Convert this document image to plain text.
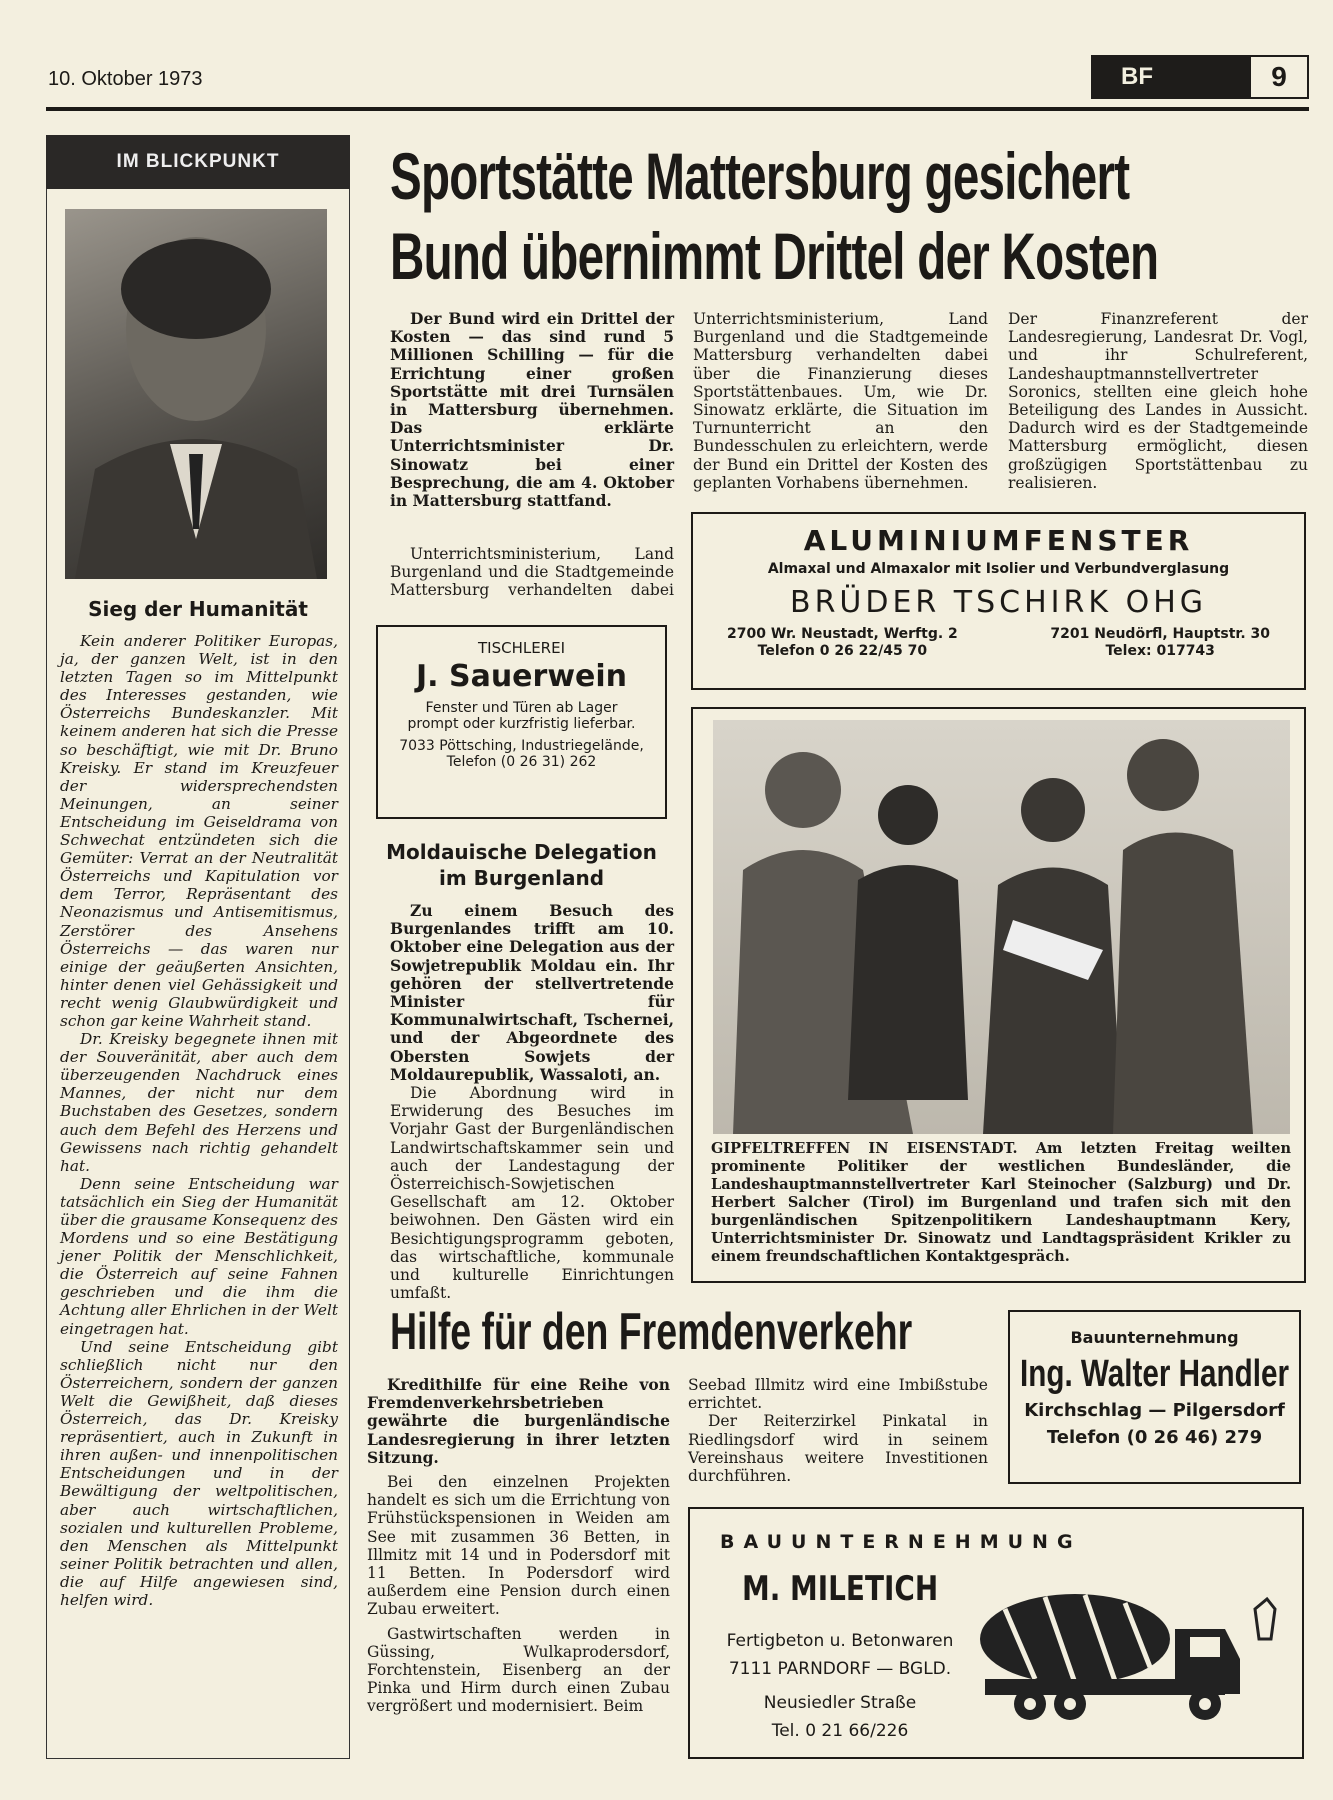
10. Oktober 1973	BF	9
IM BLICKPUNKT
Sieg der Humanität

Kein anderer Politiker Europas, ja, der ganzen Welt, ist in den letzten Tagen so im Mittelpunkt des Interesses gestanden, wie Österreichs Bundeskanzler. Mit keinem anderen hat sich die Presse so beschäftigt, wie mit Dr. Bruno Kreisky. Er stand im Kreuzfeuer der widersprechendsten Meinungen, an seiner Entscheidung im Geiseldrama von Schwechat entzündeten sich die Gemüter: Verrat an der Neutralität Österreichs und Kapitulation vor dem Terror, Repräsentant des Neonazismus und Antisemitismus, Zerstörer des Ansehens Österreichs — das waren nur einige der geäußerten Ansichten, hinter denen viel Gehässigkeit und recht wenig Glaubwürdigkeit und schon gar keine Wahrheit stand.

Dr. Kreisky begegnete ihnen mit der Souveränität, aber auch dem überzeugenden Nachdruck eines Mannes, der nicht nur dem Buchstaben des Gesetzes, sondern auch dem Befehl des Herzens und Gewissens nach richtig gehandelt hat.

Denn seine Entscheidung war tatsächlich ein Sieg der Humanität über die grausame Konsequenz des Mordens und so eine Bestätigung jener Politik der Menschlichkeit, die Österreich auf seine Fahnen geschrieben und die ihm die Achtung aller Ehrlichen in der Welt eingetragen hat.

Und seine Entscheidung gibt schließlich nicht nur den Österreichern, sondern der ganzen Welt die Gewißheit, daß dieses Österreich, das Dr. Kreisky repräsentiert, auch in Zukunft in ihren außen- und innenpolitischen Entscheidungen und in der Bewältigung der weltpolitischen, aber auch wirtschaftlichen, sozialen und kulturellen Probleme, den Menschen als Mittelpunkt seiner Politik betrachten und allen, die auf Hilfe angewiesen sind, helfen wird.

Sportstätte Mattersburg gesichert
Bund übernimmt Drittel der Kosten

Der Bund wird ein Drittel der Kosten — das sind rund 5 Millionen Schilling — für die Errichtung einer großen Sportstätte mit drei Turnsälen in Mattersburg übernehmen. Das erklärte Unterrichtsminister Dr. Sinowatz bei einer Besprechung, die am 4. Oktober in Mattersburg stattfand.

Unterrichtsministerium, Land Burgenland und die Stadtgemeinde Mattersburg verhandelten dabei

Unterrichtsministerium, Land Burgenland und die Stadtgemeinde Mattersburg verhandelten dabei über die Finanzierung dieses Sportstättenbaues. Um, wie Dr. Sinowatz erklärte, die Situation im Turnunterricht an den Bundesschulen zu erleichtern, werde der Bund ein Drittel der Kosten des geplanten Vorhabens übernehmen.

Der Finanzreferent der Landesregierung, Landesrat Dr. Vogl, und ihr Schulreferent, Landeshauptmannstellvertreter Soronics, stellten eine gleich hohe Beteiligung des Landes in Aussicht. Dadurch wird es der Stadtgemeinde Mattersburg ermöglicht, diesen großzügigen Sportstättenbau zu realisieren.

ALUMINIUMFENSTER
Almaxal und Almaxalor mit Isolier und Verbundverglasung
BRÜDER TSCHIRK OHG
2700 Wr. Neustadt, Werftg. 2
Telefon 0 26 22/45 70
7201 Neudörfl, Hauptstr. 30
Telex: 017743
TISCHLEREI
J. Sauerwein
Fenster und Türen ab Lager
prompt oder kurzfristig lieferbar.
7033 Pöttsching, Industriegelände,
Telefon (0 26 31) 262
Moldauische Delegation
im Burgenland

Zu einem Besuch des Burgenlandes trifft am 10. Oktober eine Delegation aus der Sowjetrepublik Moldau ein. Ihr gehören der stellvertretende Minister für Kommunalwirtschaft, Tschernei, und der Abgeordnete des Obersten Sowjets der Moldaurepublik, Wassaloti, an.

Die Abordnung wird in Erwiderung des Besuches im Vorjahr Gast der Burgenländischen Landwirtschaftskammer sein und auch der Landestagung der Österreichisch-Sowjetischen Gesellschaft am 12. Oktober beiwohnen. Den Gästen wird ein Besichtigungsprogramm geboten, das wirtschaftliche, kommunale und kulturelle Einrichtungen umfaßt.

GIPFELTREFFEN IN EISENSTADT. Am letzten Freitag weilten prominente Politiker der westlichen Bundesländer, die Landeshauptmannstellvertreter Karl Steinocher (Salzburg) und Dr. Herbert Salcher (Tirol) im Burgenland und trafen sich mit den burgenländischen Spitzenpolitikern Landeshauptmann Kery, Unterrichtsminister Dr. Sinowatz und Landtagspräsident Krikler zu einem freundschaftlichen Kontaktgespräch.
Hilfe für den Fremdenverkehr

Kredithilfe für eine Reihe von Fremdenverkehrsbetrieben gewährte die burgenländische Landesregierung in ihrer letzten Sitzung.

Bei den einzelnen Projekten handelt es sich um die Errichtung von Frühstückspensionen in Weiden am See mit zusammen 36 Betten, in Illmitz mit 14 und in Podersdorf mit 11 Betten. In Podersdorf wird außerdem eine Pension durch einen Zubau erweitert.

Gastwirtschaften werden in Güssing, Wulkaprodersdorf, Forchtenstein, Eisenberg an der Pinka und Hirm durch einen Zubau vergrößert und modernisiert. Beim

Seebad Illmitz wird eine Imbißstube errichtet.

Der Reiterzirkel Pinkatal in Riedlingsdorf wird in seinem Vereinshaus weitere Investitionen durchführen.

Bauunternehmung
Ing. Walter Handler
Kirchschlag — Pilgersdorf
Telefon (0 26 46) 279
BAUUNTERNEHMUNG
M. MILETICH
Fertigbeton u. Betonwaren
7111 PARNDORF — BGLD.
Neusiedler Straße
Tel. 0 21 66/226
